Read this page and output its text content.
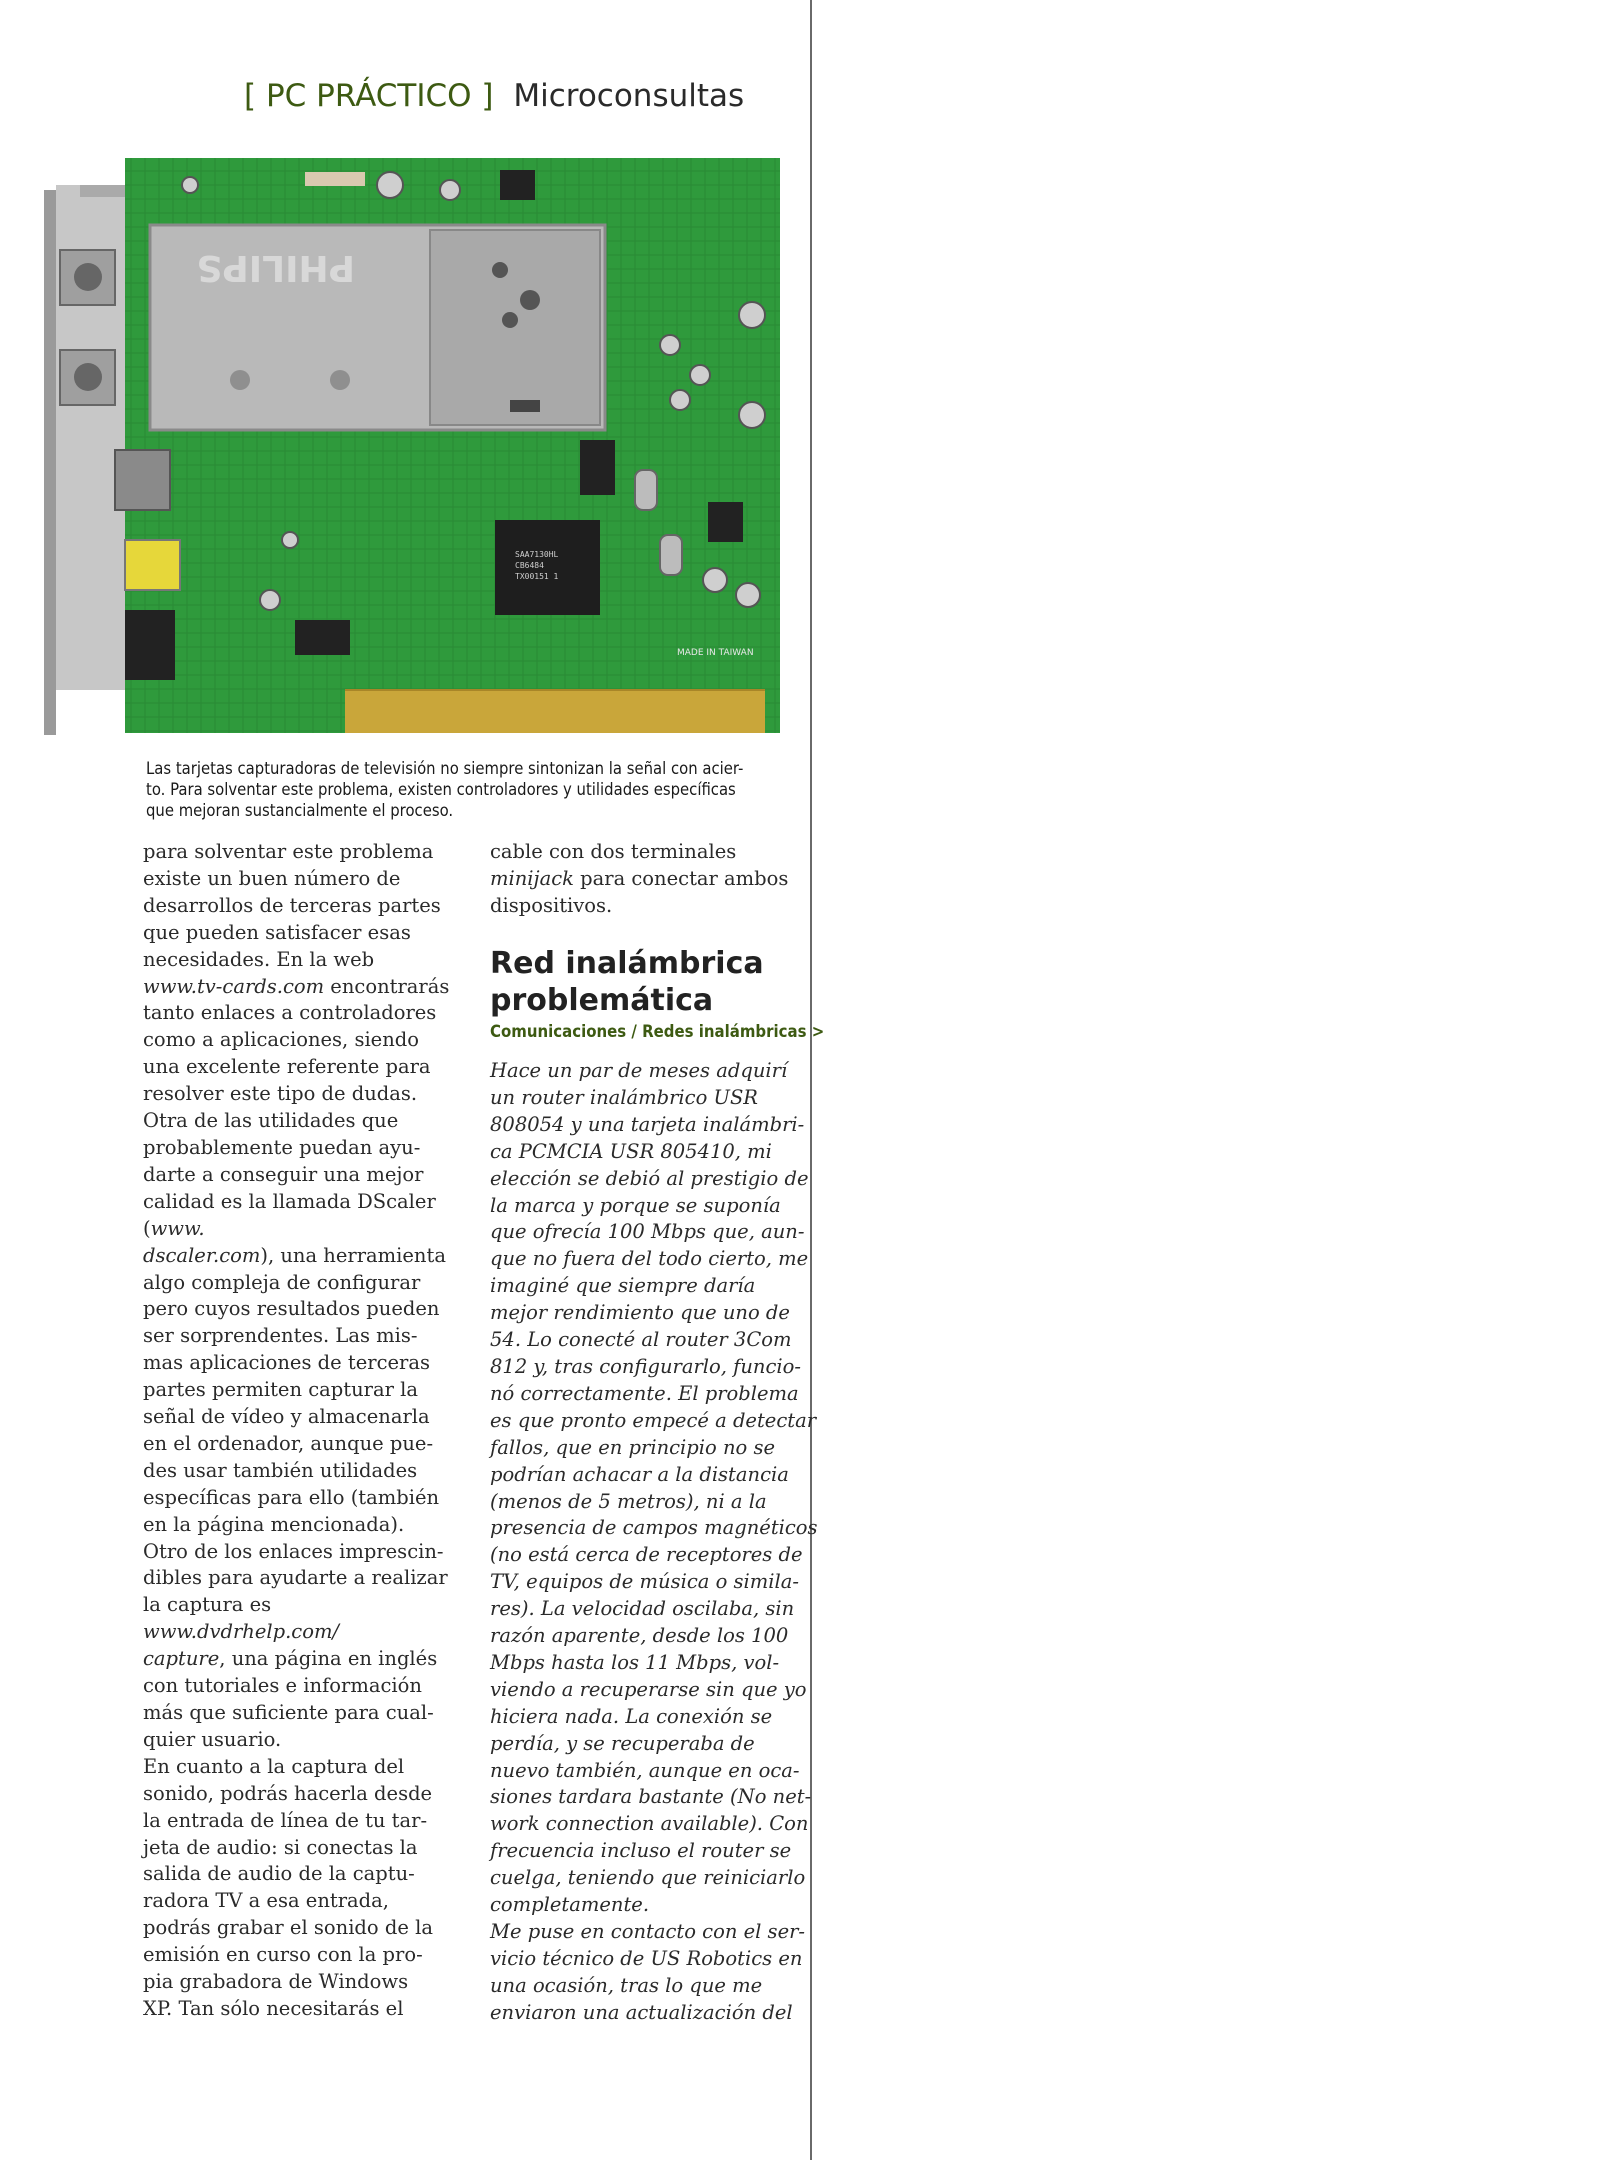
[ PC PRÁCTICO ] Microconsultas
PHILIPS
SAA7130HL
CB6484
TX00151 1
MADE IN TAIWAN
Las tarjetas capturadoras de televisión no siempre sintonizan la señal con acier-
to. Para solventar este problema, existen controladores y utilidades específicas
que mejoran sustancialmente el proceso.
para solventar este problema
existe un buen número de
desarrollos de terceras partes
que pueden satisfacer esas
necesidades. En la web
www.tv-cards.com encontrarás
tanto enlaces a controladores
como a aplicaciones, siendo
una excelente referente para
resolver este tipo de dudas.
Otra de las utilidades que
probablemente puedan ayu-
darte a conseguir una mejor
calidad es la llamada DScaler
(www.
dscaler.com), una herramienta
algo compleja de configurar
pero cuyos resultados pueden
ser sorprendentes. Las mis-
mas aplicaciones de terceras
partes permiten capturar la
señal de vídeo y almacenarla
en el ordenador, aunque pue-
des usar también utilidades
específicas para ello (también
en la página mencionada).
Otro de los enlaces imprescin-
dibles para ayudarte a realizar
la captura es
www.dvdrhelp.com/
capture, una página en inglés
con tutoriales e información
más que suficiente para cual-
quier usuario.
En cuanto a la captura del
sonido, podrás hacerla desde
la entrada de línea de tu tar-
jeta de audio: si conectas la
salida de audio de la captu-
radora TV a esa entrada,
podrás grabar el sonido de la
emisión en curso con la pro-
pia grabadora de Windows
XP. Tan sólo necesitarás el
cable con dos terminales
minijack para conectar ambos
dispositivos.
Red inalámbrica
problemática
Comunicaciones / Redes inalámbricas >
Hace un par de meses adquirí
un router inalámbrico USR
808054 y una tarjeta inalámbri-
ca PCMCIA USR 805410, mi
elección se debió al prestigio de
la marca y porque se suponía
que ofrecía 100 Mbps que, aun-
que no fuera del todo cierto, me
imaginé que siempre daría
mejor rendimiento que uno de
54. Lo conecté al router 3Com
812 y, tras configurarlo, funcio-
nó correctamente. El problema
es que pronto empecé a detectar
fallos, que en principio no se
podrían achacar a la distancia
(menos de 5 metros), ni a la
presencia de campos magnéticos
(no está cerca de receptores de
TV, equipos de música o simila-
res). La velocidad oscilaba, sin
razón aparente, desde los 100
Mbps hasta los 11 Mbps, vol-
viendo a recuperarse sin que yo
hiciera nada. La conexión se
perdía, y se recuperaba de
nuevo también, aunque en oca-
siones tardara bastante (No net-
work connection available). Con
frecuencia incluso el router se
cuelga, teniendo que reiniciarlo
completamente.
Me puse en contacto con el ser-
vicio técnico de US Robotics en
una ocasión, tras lo que me
enviaron una actualización del
